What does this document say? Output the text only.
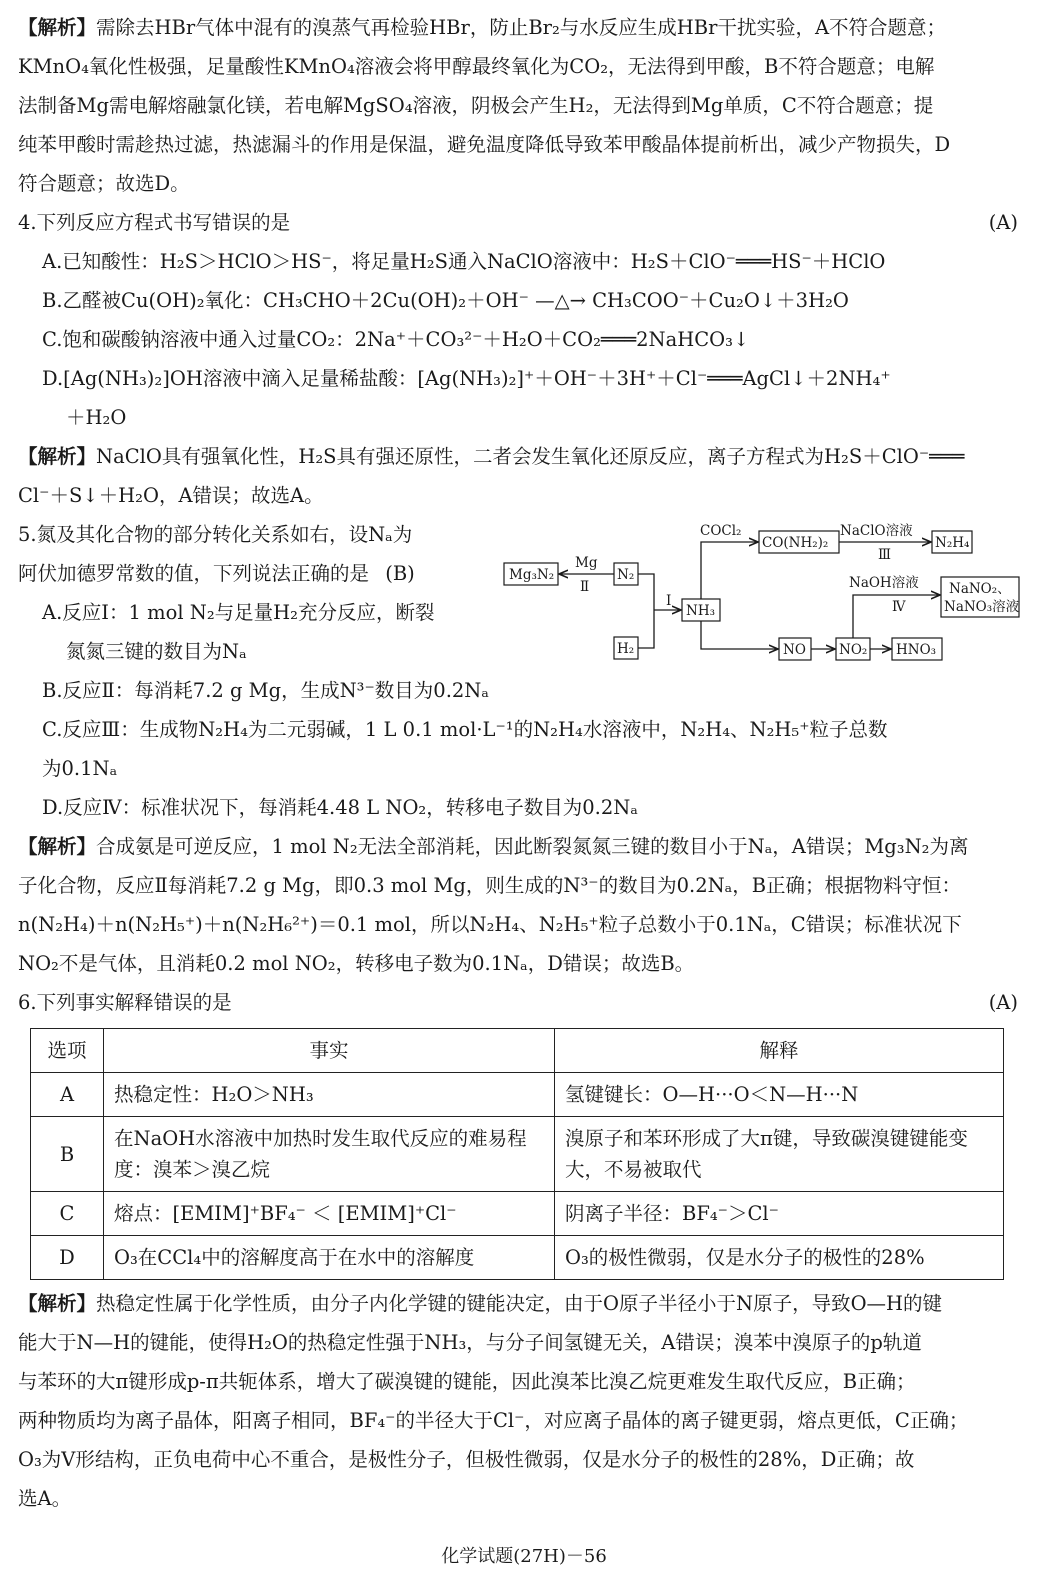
【解析】需除去HBr气体中混有的溴蒸气再检验HBr，防止Br₂与水反应生成HBr干扰实验，A不符合题意；
KMnO₄氧化性极强，足量酸性KMnO₄溶液会将甲醇最终氧化为CO₂，无法得到甲酸，B不符合题意；电解
法制备Mg需电解熔融氯化镁，若电解MgSO₄溶液，阴极会产生H₂，无法得到Mg单质，C不符合题意；提
纯苯甲酸时需趁热过滤，热滤漏斗的作用是保温，避免温度降低导致苯甲酸晶体提前析出，减少产物损失，D
符合题意；故选D。
4.下列反应方程式书写错误的是	(A)
A.已知酸性：H₂S＞HClO＞HS⁻，将足量H₂S通入NaClO溶液中：H₂S＋ClO⁻═══HS⁻＋HClO
B.乙醛被Cu(OH)₂氧化：CH₃CHO＋2Cu(OH)₂＋OH⁻ —△→ CH₃COO⁻＋Cu₂O↓＋3H₂O
C.饱和碳酸钠溶液中通入过量CO₂：2Na⁺＋CO₃²⁻＋H₂O＋CO₂═══2NaHCO₃↓
D.[Ag(NH₃)₂]OH溶液中滴入足量稀盐酸：[Ag(NH₃)₂]⁺＋OH⁻＋3H⁺＋Cl⁻═══AgCl↓＋2NH₄⁺
＋H₂O
【解析】NaClO具有强氧化性，H₂S具有强还原性，二者会发生氧化还原反应，离子方程式为H₂S＋ClO⁻═══
Cl⁻＋S↓＋H₂O，A错误；故选A。
5.氮及其化合物的部分转化关系如右，设Nₐ为
阿伏加德罗常数的值，下列说法正确的是 (B)
A.反应Ⅰ：1 mol N₂与足量H₂充分反应，断裂
氮氮三键的数目为Nₐ
B.反应Ⅱ：每消耗7.2 g Mg，生成N³⁻数目为0.2Nₐ
C.反应Ⅲ：生成物N₂H₄为二元弱碱，1 L 0.1 mol·L⁻¹的N₂H₄水溶液中，N₂H₄、N₂H₅⁺粒子总数
为0.1Nₐ
D.反应Ⅳ：标准状况下，每消耗4.48 L NO₂，转移电子数目为0.2Nₐ
Mg₃N₂	N₂
Mg
Ⅱ
H₂
NH₃
Ⅰ
COCl₂
CO(NH₂)₂
NaClO溶液
Ⅲ
N₂H₄
NO NO₂ HNO₃
NaOH溶液
Ⅳ
NaNO₂、
NaNO₃溶液
【解析】合成氨是可逆反应，1 mol N₂无法全部消耗，因此断裂氮氮三键的数目小于Nₐ，A错误；Mg₃N₂为离
子化合物，反应Ⅱ每消耗7.2 g Mg，即0.3 mol Mg，则生成的N³⁻的数目为0.2Nₐ，B正确；根据物料守恒：
n(N₂H₄)＋n(N₂H₅⁺)＋n(N₂H₆²⁺)＝0.1 mol，所以N₂H₄、N₂H₅⁺粒子总数小于0.1Nₐ，C错误；标准状况下
NO₂不是气体，且消耗0.2 mol NO₂，转移电子数为0.1Nₐ，D错误；故选B。
6.下列事实解释错误的是	(A)
选项	事实	解释
A	热稳定性：H₂O＞NH₃	氢键键长：O—H···O＜N—H···N
B	在NaOH水溶液中加热时发生取代反应的难易程度：溴苯＞溴乙烷	溴原子和苯环形成了大π键，导致碳溴键键能变大，不易被取代
C	熔点：[EMIM]⁺BF₄⁻ ＜ [EMIM]⁺Cl⁻	阴离子半径：BF₄⁻＞Cl⁻
D	O₃在CCl₄中的溶解度高于在水中的溶解度	O₃的极性微弱，仅是水分子的极性的28%
【解析】热稳定性属于化学性质，由分子内化学键的键能决定，由于O原子半径小于N原子，导致O—H的键
能大于N—H的键能，使得H₂O的热稳定性强于NH₃，与分子间氢键无关，A错误；溴苯中溴原子的p轨道
与苯环的大π键形成p-π共轭体系，增大了碳溴键的键能，因此溴苯比溴乙烷更难发生取代反应，B正确；
两种物质均为离子晶体，阳离子相同，BF₄⁻的半径大于Cl⁻，对应离子晶体的离子键更弱，熔点更低，C正确；
O₃为V形结构，正负电荷中心不重合，是极性分子，但极性微弱，仅是水分子的极性的28%，D正确；故
选A。
化学试题(27H)－56
